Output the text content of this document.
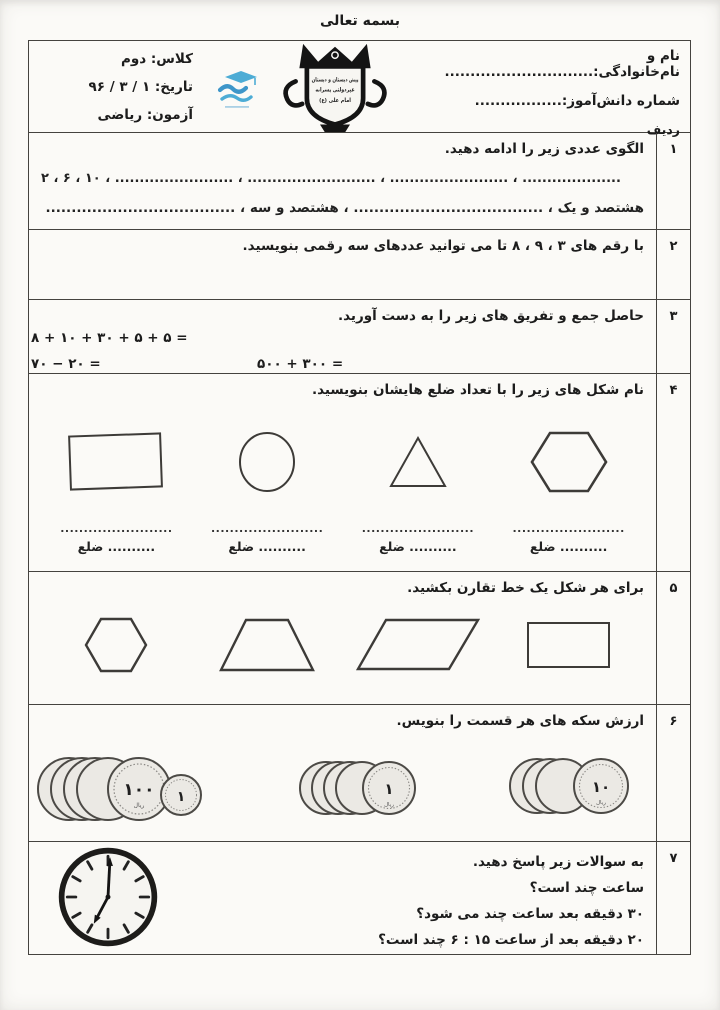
بسمه تعالی
نام و نام‌خانوادگی:.............................
شماره دانش‌آموز:.................
ردیف
پیش دبستان و دبستان
غیردولتی پسرانه
امام علی (ع)
کلاس: دوم
تاریخ: ۱ / ۳ / ۹۶
آزمون: ریاضی
۱
الگوی عددی زیر را ادامه دهید.
۲ ، ۶ ، ۱۰ ، ........................ ، .......................... ، ........................ ، ....................
هشتصد و یک ، ..................................... ، هشتصد و سه ، .....................................
۲
با رقم های ۳ ، ۹ ، ۸ تا می توانید عددهای سه رقمی بنویسید.
۳
حاصل جمع و تفریق های زیر را به دست آورید.
۸ + ۱۰ + ۳۰ + ۵ + ۵ =
۷۰ − ۲۰ =	۵۰۰ + ۳۰۰ =
۴
نام شکل های زیر را با تعداد ضلع هایشان بنویسید.
........................	........................	........................	........................
.......... ضلع	.......... ضلع	.......... ضلع	.......... ضلع
۵
برای هر شکل یک خط تقارن بکشید.
۶
ارزش سکه های هر قسمت را بنویس.
۱۰۰
ریال
۱	۱
ریال
۱۰
ریال
۷
به سوالات زیر پاسخ دهید.
ساعت چند است؟
۳۰ دقیقه بعد ساعت چند می شود؟
۲۰ دقیقه بعد از ساعت ⁦۶ : ۱۵⁩ چند است؟
